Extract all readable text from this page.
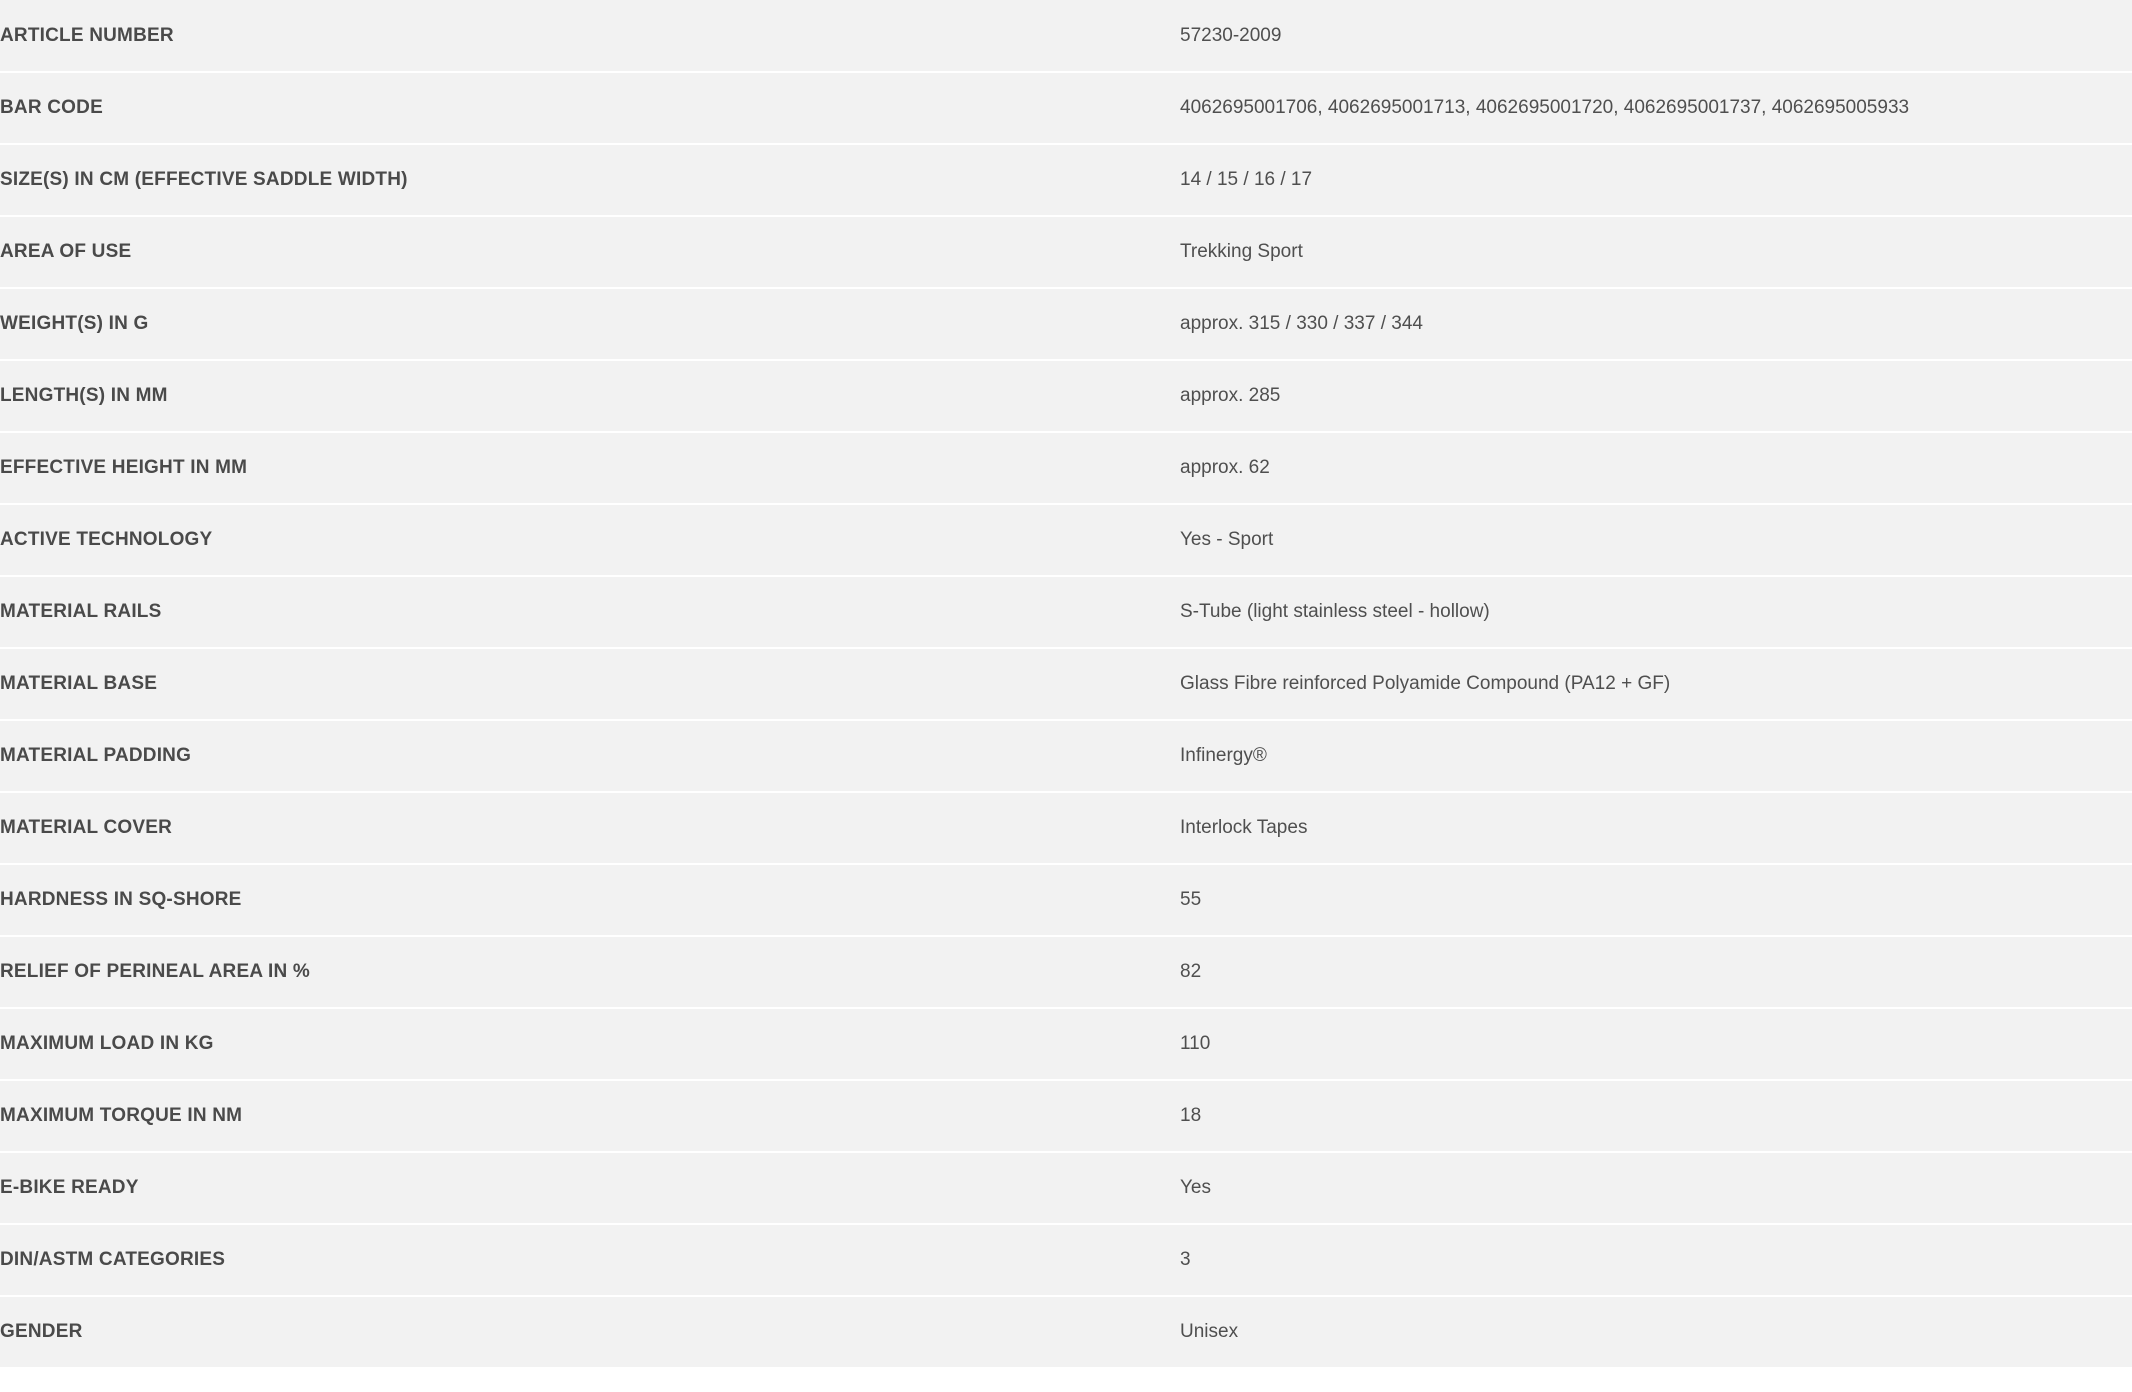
ARTICLE NUMBER	57230-2009
BAR CODE	4062695001706, 4062695001713, 4062695001720, 4062695001737, 4062695005933
SIZE(S) IN CM (EFFECTIVE SADDLE WIDTH)	14 / 15 / 16 / 17
AREA OF USE	Trekking Sport
WEIGHT(S) IN G	approx. 315 / 330 / 337 / 344
LENGTH(S) IN MM	approx. 285
EFFECTIVE HEIGHT IN MM	approx. 62
ACTIVE TECHNOLOGY	Yes - Sport
MATERIAL RAILS	S-Tube (light stainless steel - hollow)
MATERIAL BASE	Glass Fibre reinforced Polyamide Compound (PA12 + GF)
MATERIAL PADDING	Infinergy®
MATERIAL COVER	Interlock Tapes
HARDNESS IN SQ-SHORE	55
RELIEF OF PERINEAL AREA IN %	82
MAXIMUM LOAD IN KG	110
MAXIMUM TORQUE IN NM	18
E-BIKE READY	Yes
DIN/ASTM CATEGORIES	3
GENDER	Unisex
